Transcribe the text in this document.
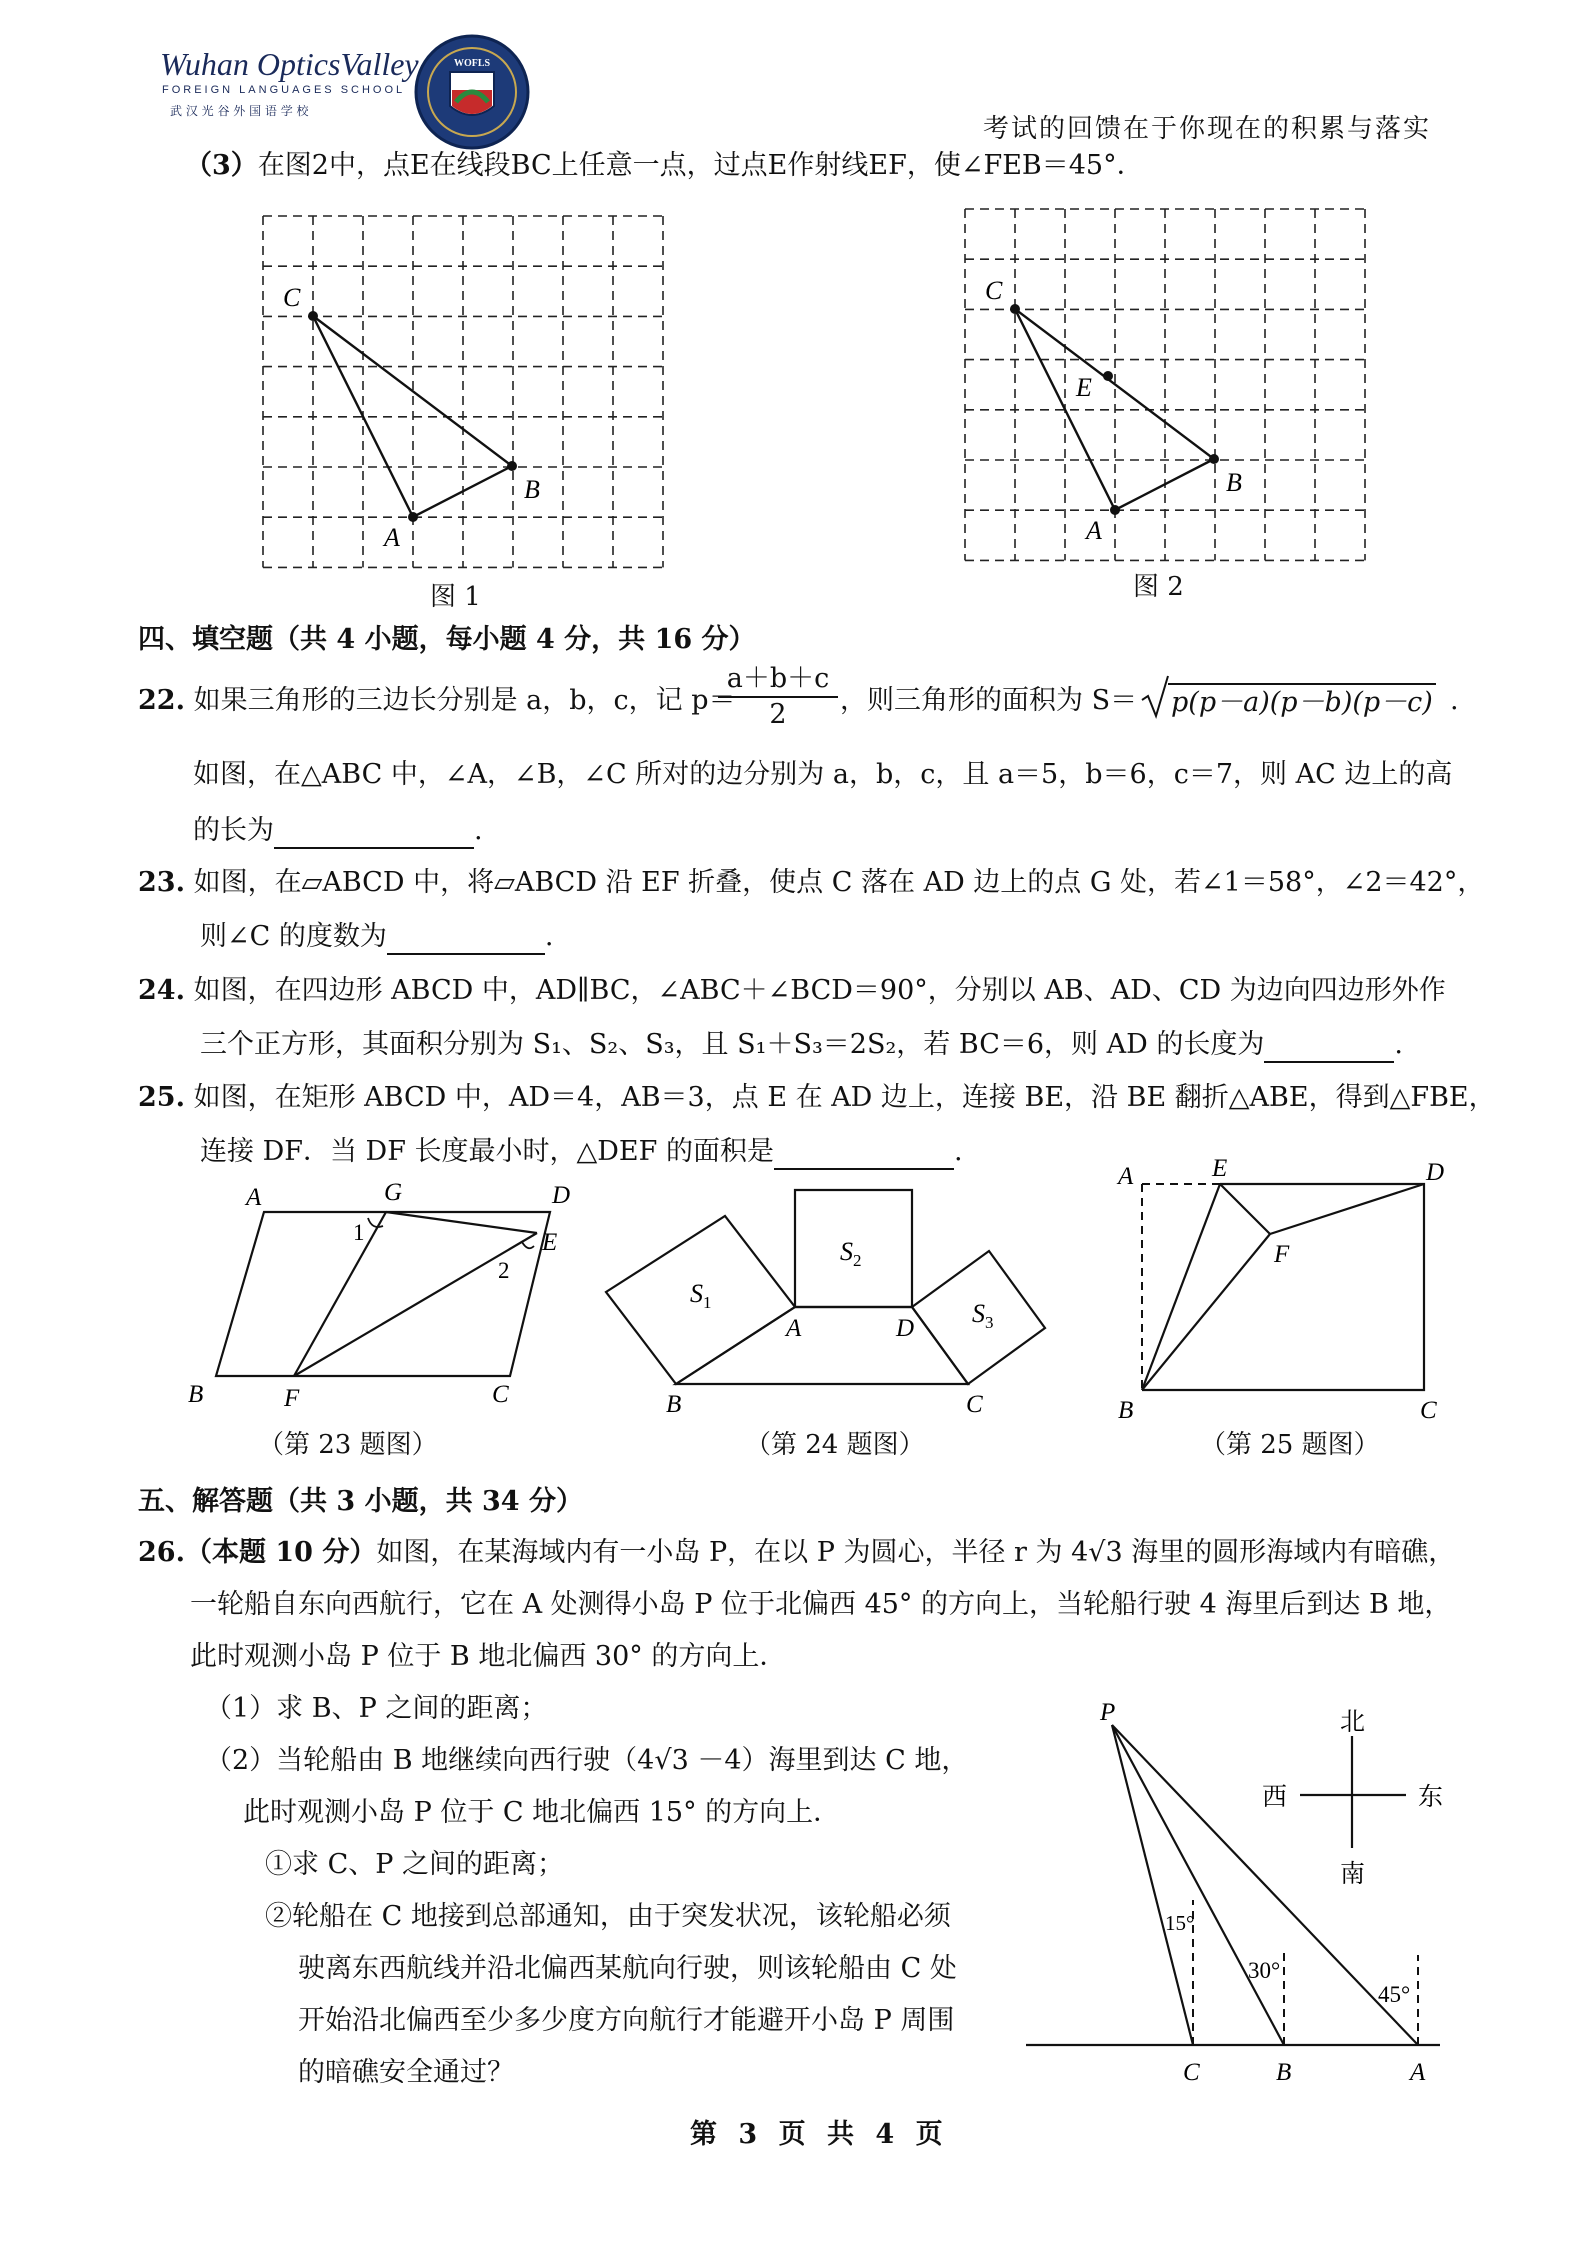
Wuhan OpticsValley
FOREIGN LANGUAGES SCHOOL
武 汉 光 谷 外 国 语 学 校
WOFLS
考试的回馈在于你现在的积累与落实
（3）在图2中，点E在线段BC上任意一点，过点E作射线EF，使∠FEB＝45°．
C
B
A
图 1
C
E
B
A
图 2
四、填空题（共 4 小题，每小题 4 分，共 16 分）
22. 如果三角形的三边长分别是 a，b，c，记 p＝
$\frac{a+b+c}{2}$ ，则三角形的面积为 S＝ p(p－a)(p－b)(p－c) .
如图，在△ABC 中，∠A，∠B，∠C 所对的边分别为 a，b，c，且 a＝5，b＝6，c＝7，则 AC 边上的高
的长为	.
23. 如图，在▱ABCD 中，将▱ABCD 沿 EF 折叠，使点 C 落在 AD 边上的点 G 处，若∠1＝58°，∠2＝42°，
则∠C 的度数为	.
24. 如图，在四边形 ABCD 中，AD∥BC，∠ABC＋∠BCD＝90°，分别以 AB、AD、CD 为边向四边形外作
三个正方形，其面积分别为 S₁、S₂、S₃，且 S₁＋S₃＝2S₂，若 BC＝6，则 AD 的长度为	.
25. 如图，在矩形 ABCD 中，AD＝4，AB＝3，点 E 在 AD 边上，连接 BE，沿 BE 翻折△ABE，得到△FBE，
连接 DF．当 DF 长度最小时，△DEF 的面积是	.
A	G	D
E
1
2
B	F	C
（第 23 题图）
$S_1$
$S_2$
$S_3$
A	D
B	C
（第 24 题图）
A	E	D
F
B	C
（第 25 题图）
五、解答题（共 3 小题，共 34 分）
26.（本题 10 分）如图，在某海域内有一小岛 P，在以 P 为圆心，半径 r 为 4√3 海里的圆形海域内有暗礁，
一轮船自东向西航行，它在 A 处测得小岛 P 位于北偏西 45° 的方向上，当轮船行驶 4 海里后到达 B 地，
此时观测小岛 P 位于 B 地北偏西 30° 的方向上．
（1）求 B、P 之间的距离；
（2）当轮船由 B 地继续向西行驶（4√3 －4）海里到达 C 地，
此时观测小岛 P 位于 C 地北偏西 15° 的方向上．
①求 C、P 之间的距离；
②轮船在 C 地接到总部通知，由于突发状况，该轮船必须
驶离东西航线并沿北偏西某航向行驶，则该轮船由 C 处
开始沿北偏西至少多少度方向航行才能避开小岛 P 周围
的暗礁安全通过？
北
南
西	东
P
15°
30°
45°
C	B	A
第 3 页 共 4 页
